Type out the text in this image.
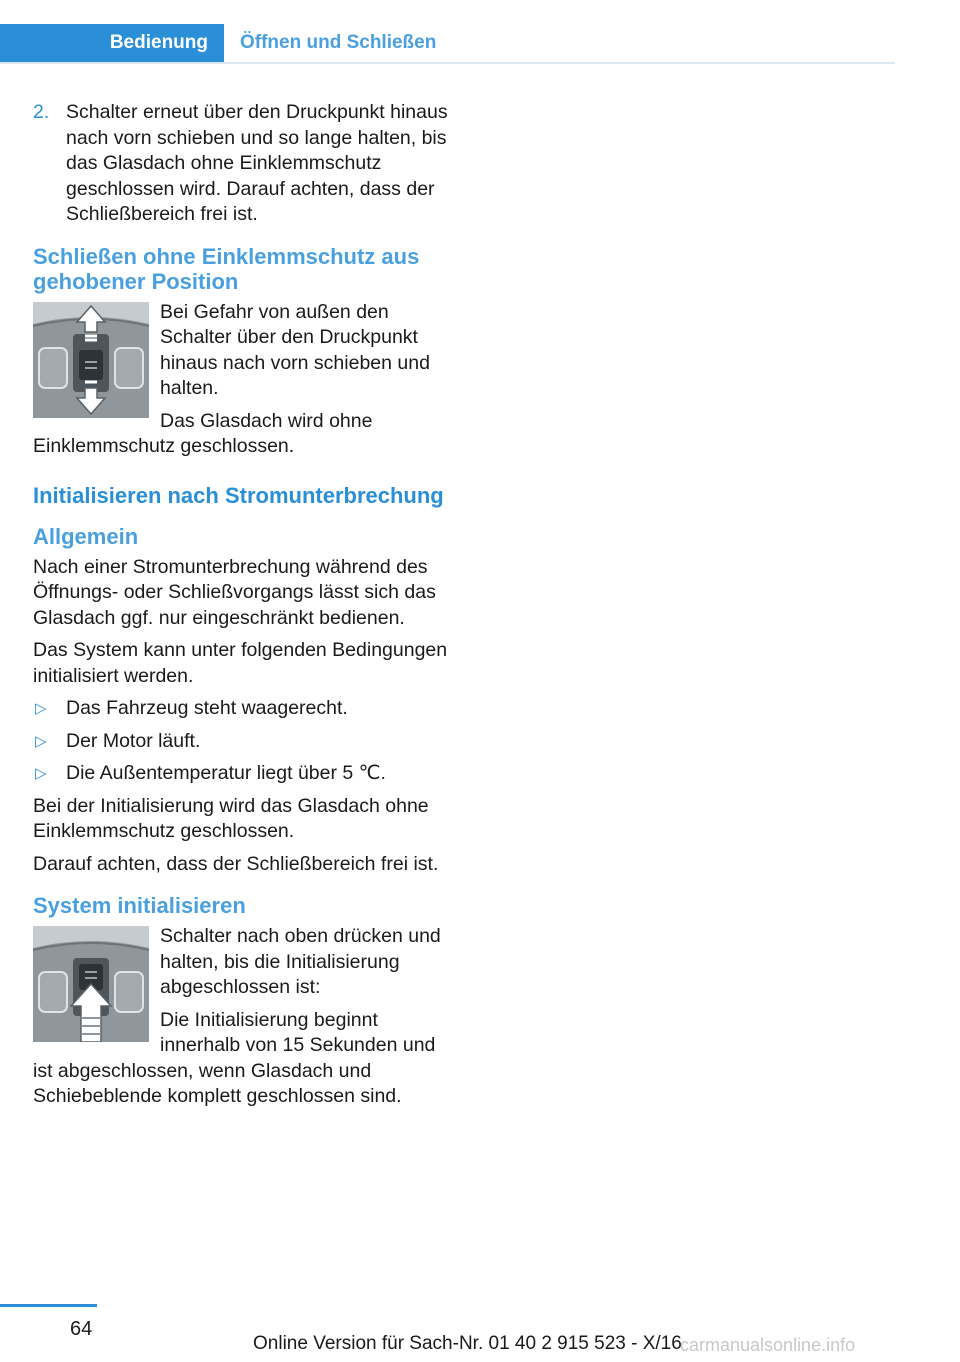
Bedienung	Öffnen und Schließen
2. Schalter erneut über den Druckpunkt hinaus nach vorn schieben und so lange halten, bis das Glasdach ohne Einklemmschutz geschlossen wird. Darauf achten, dass der Schließbereich frei ist.
Schließen ohne Einklemmschutz aus gehobener Position

Bei Gefahr von außen den Schalter über den Druckpunkt hinaus nach vorn schieben und halten.

Das Glasdach wird ohne Einklemmschutz geschlossen.

Initialisieren nach Stromunterbrechung
Allgemein

Nach einer Stromunterbrechung während des Öffnungs- oder Schließvorgangs lässt sich das Glasdach ggf. nur eingeschränkt bedienen.

Das System kann unter folgenden Bedingungen initialisiert werden.

▷ Das Fahrzeug steht waagerecht.
▷ Der Motor läuft.
▷ Die Außentemperatur liegt über 5 ℃.

Bei der Initialisierung wird das Glasdach ohne Einklemmschutz geschlossen.

Darauf achten, dass der Schließbereich frei ist.

System initialisieren

Schalter nach oben drücken und halten, bis die Initialisierung abgeschlossen ist:

Die Initialisierung beginnt innerhalb von 15 Sekunden und ist abgeschlossen, wenn Glasdach und Schiebeblende komplett geschlossen sind.

64
Online Version für Sach-Nr. 01 40 2 915 523 - X/16
carmanualsonline.info
